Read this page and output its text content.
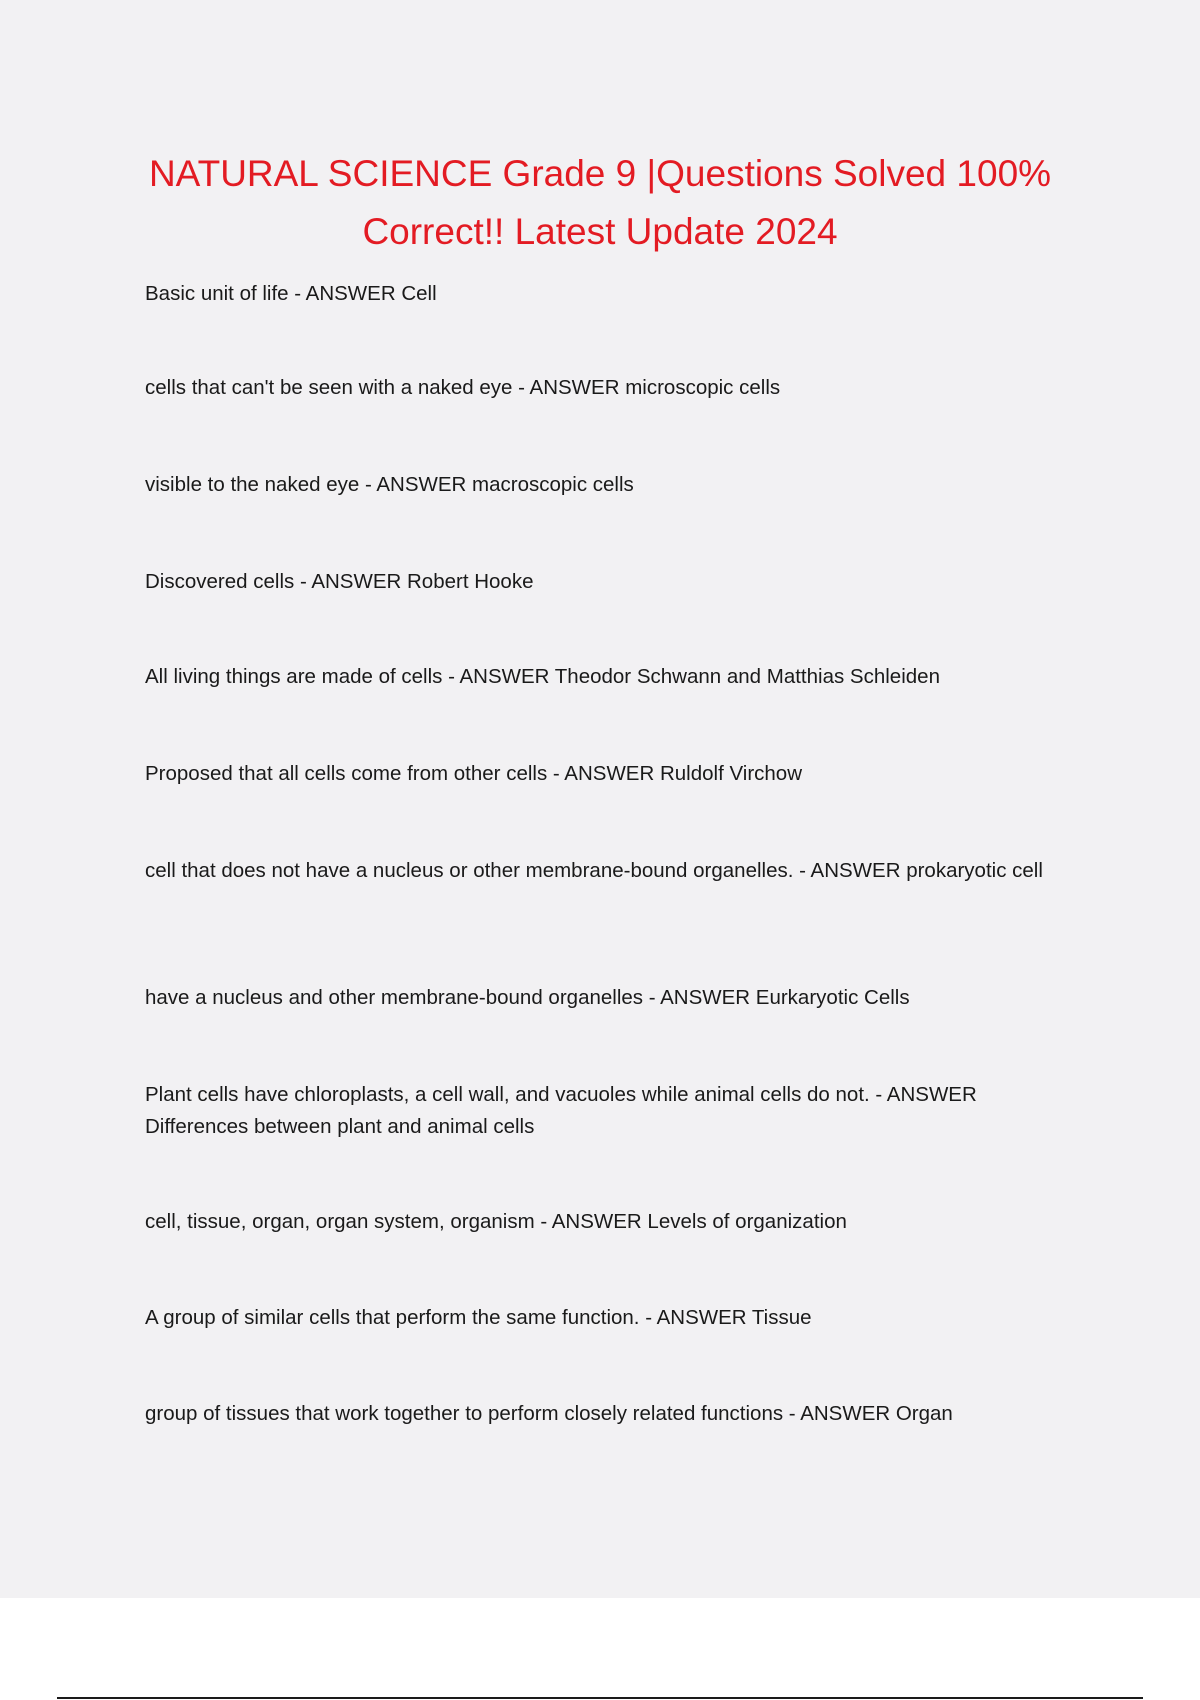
NATURAL SCIENCE Grade 9 |Questions Solved 100% Correct!! Latest Update 2024

Basic unit of life - ANSWER Cell

cells that can't be seen with a naked eye - ANSWER microscopic cells

visible to the naked eye - ANSWER macroscopic cells

Discovered cells - ANSWER Robert Hooke

All living things are made of cells - ANSWER Theodor Schwann and Matthias Schleiden

Proposed that all cells come from other cells - ANSWER Ruldolf Virchow

cell that does not have a nucleus or other membrane-bound organelles. - ANSWER prokaryotic cell

have a nucleus and other membrane-bound organelles - ANSWER Eurkaryotic Cells

Plant cells have chloroplasts, a cell wall, and vacuoles while animal cells do not. - ANSWER Differences between plant and animal cells

cell, tissue, organ, organ system, organism - ANSWER Levels of organization

A group of similar cells that perform the same function. - ANSWER Tissue

group of tissues that work together to perform closely related functions - ANSWER Organ
